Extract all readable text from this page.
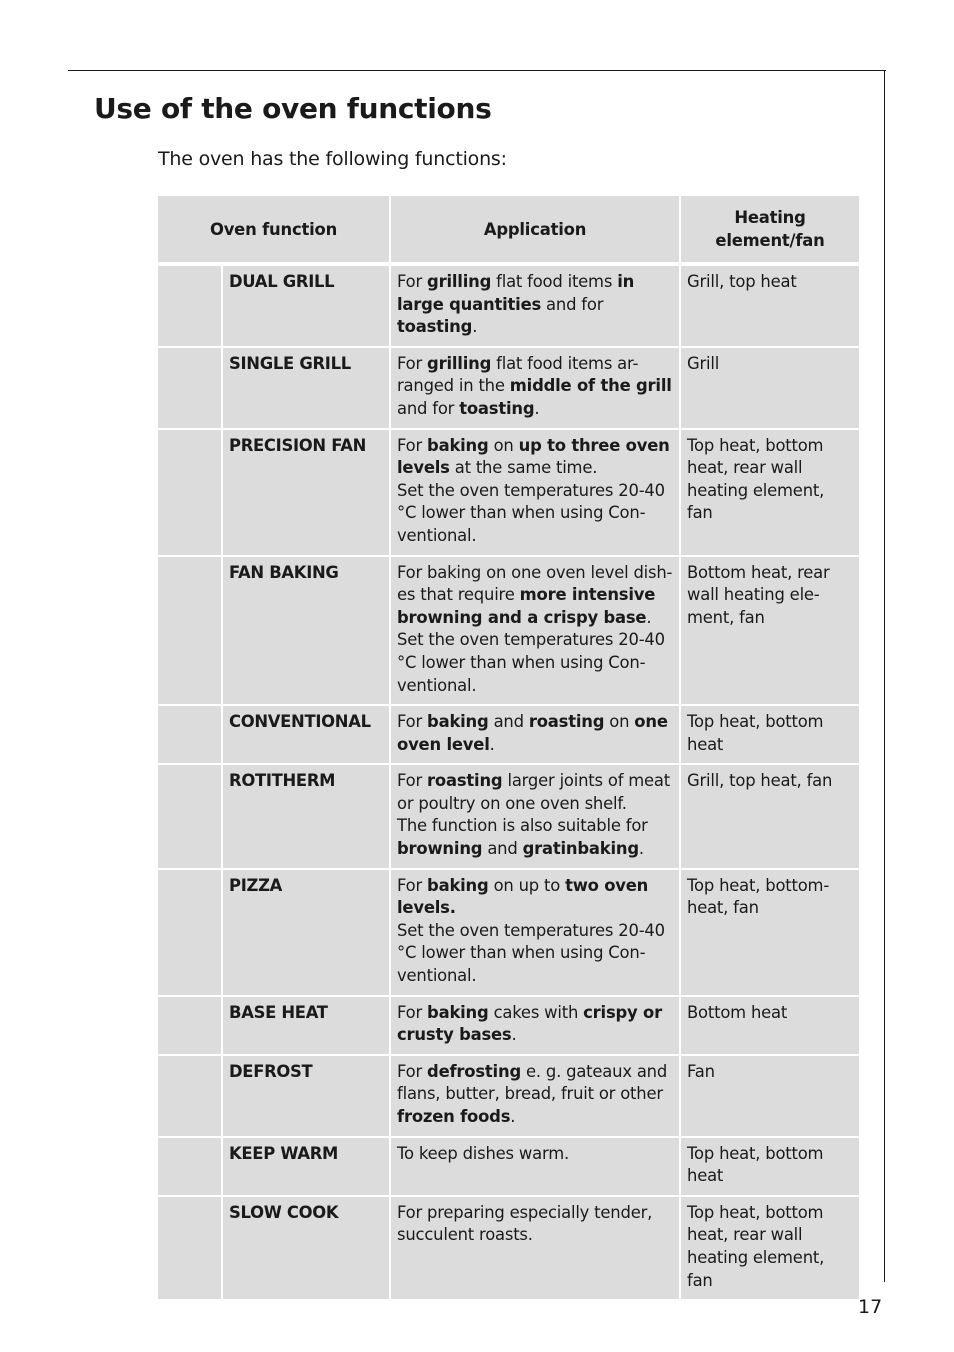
Use of the oven functions

The oven has the following functions:

Oven function		Application	Heating element/fan

	DUAL GRILL	For grilling flat food items in large quantities and for toasting.	Grill, top heat
	SINGLE GRILL	For grilling flat food items ar-ranged in the middle of the grill and for toasting.	Grill
	PRECISION FAN	For baking on up to three oven levels at the same time.
Set the oven temperatures 20-40 °C lower than when using Con-ventional.	Top heat, bottom heat, rear wall heating element, fan
	FAN BAKING	For baking on one oven level dish-es that require more intensive browning and a crispy base.
Set the oven temperatures 20-40 °C lower than when using Con-ventional.	Bottom heat, rear wall heating ele-ment, fan
	CONVENTIONAL	For baking and roasting on one oven level.	Top heat, bottom heat
	ROTITHERM	For roasting larger joints of meat or poultry on one oven shelf.
The function is also suitable for browning and gratinbaking.	Grill, top heat, fan
	PIZZA	For baking on up to two oven levels.
Set the oven temperatures 20-40 °C lower than when using Con-ventional.	Top heat, bottom-heat, fan
	BASE HEAT	For baking cakes with crispy or crusty bases.	Bottom heat
	DEFROST	For defrosting e. g. gateaux and flans, butter, bread, fruit or other frozen foods.	Fan
	KEEP WARM	To keep dishes warm.	Top heat, bottom heat
	SLOW COOK	For preparing especially tender, succulent roasts.	Top heat, bottom heat, rear wall heating element, fan
17
